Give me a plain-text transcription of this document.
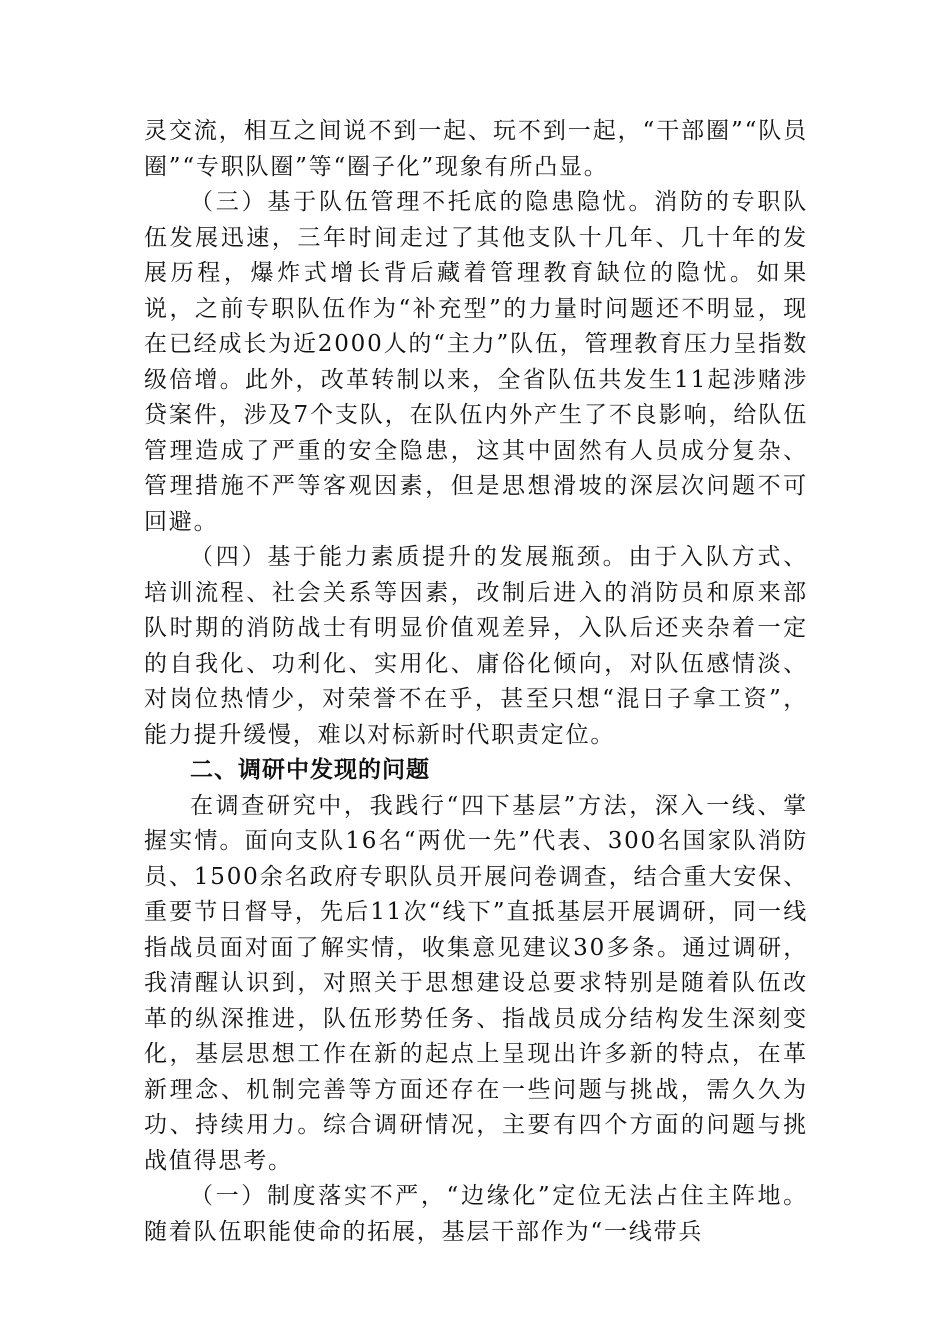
灵交流，相互之间说不到一起、玩不到一起，“干部圈”“队员圈”“专职队圈”等“圈子化”现象有所凸显。

（三）基于队伍管理不托底的隐患隐忧。消防的专职队伍发展迅速，三年时间走过了其他支队十几年、几十年的发展历程，爆炸式增长背后藏着管理教育缺位的隐忧。如果说，之前专职队伍作为“补充型”的力量时问题还不明显，现在已经成长为近2000人的“主力”队伍，管理教育压力呈指数级倍增。此外，改革转制以来，全省队伍共发生11起涉赌涉贷案件，涉及7个支队，在队伍内外产生了不良影响，给队伍管理造成了严重的安全隐患，这其中固然有人员成分复杂、管理措施不严等客观因素，但是思想滑坡的深层次问题不可回避。

（四）基于能力素质提升的发展瓶颈。由于入队方式、培训流程、社会关系等因素，改制后进入的消防员和原来部队时期的消防战士有明显价值观差异，入队后还夹杂着一定的自我化、功利化、实用化、庸俗化倾向，对队伍感情淡、对岗位热情少，对荣誉不在乎，甚至只想“混日子拿工资”，能力提升缓慢，难以对标新时代职责定位。

二、调研中发现的问题

在调查研究中，我践行“四下基层”方法，深入一线、掌握实情。面向支队16名“两优一先”代表、300名国家队消防员、1500余名政府专职队员开展问卷调查，结合重大安保、重要节日督导，先后11次“线下”直抵基层开展调研，同一线指战员面对面了解实情，收集意见建议30多条。通过调研，我清醒认识到，对照关于思想建设总要求特别是随着队伍改革的纵深推进，队伍形势任务、指战员成分结构发生深刻变化，基层思想工作在新的起点上呈现出许多新的特点，在革新理念、机制完善等方面还存在一些问题与挑战，需久久为功、持续用力。综合调研情况，主要有四个方面的问题与挑战值得思考。

（一）制度落实不严，“边缘化”定位无法占住主阵地。随着队伍职能使命的拓展，基层干部作为“一线带兵
